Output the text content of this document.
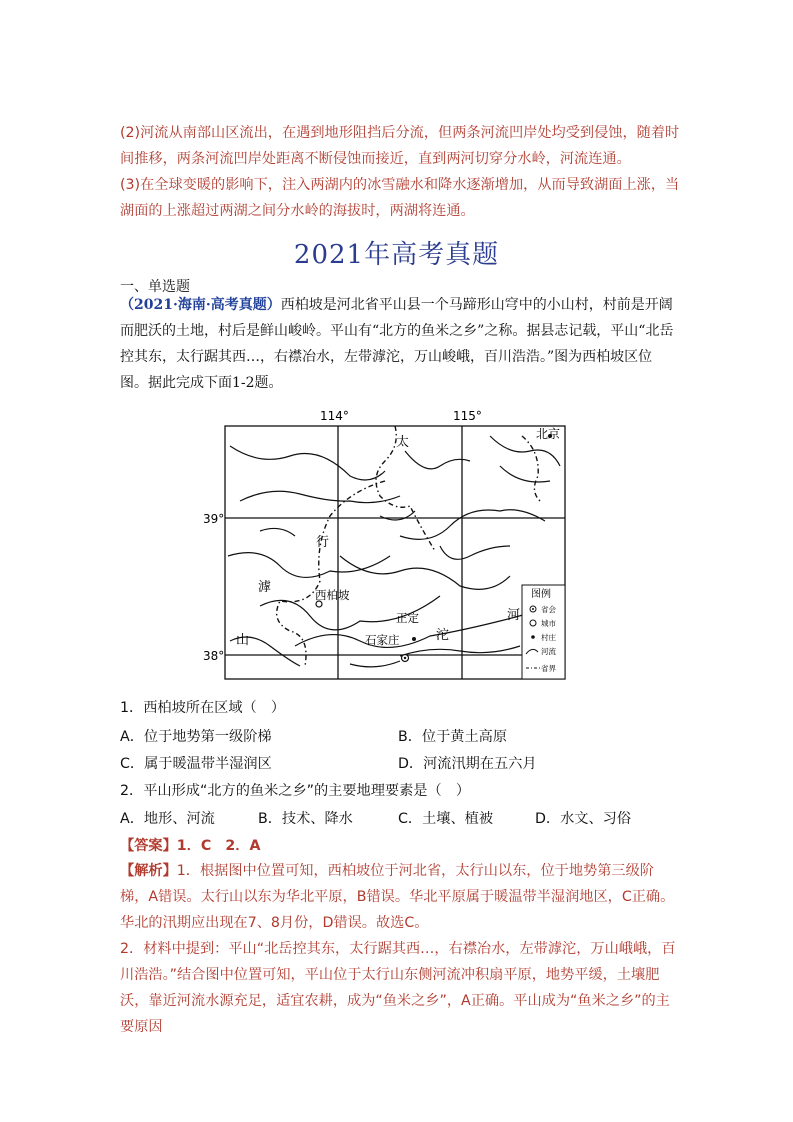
(2)河流从南部山区流出，在遇到地形阻挡后分流，但两条河流凹岸处均受到侵蚀，随着时间推移，两条河流凹岸处距离不断侵蚀而接近，直到两河切穿分水岭，河流连通。
(3)在全球变暖的影响下，注入两湖内的冰雪融水和降水逐渐增加，从而导致湖面上涨，当湖面的上涨超过两湖之间分水岭的海拔时，两湖将连通。
2021年高考真题
一、单选题
（2021·海南·高考真题）西柏坡是河北省平山县一个马蹄形山穹中的小山村，村前是开阔而肥沃的土地，村后是鲜山峻岭。平山有“北方的鱼米之乡”之称。据县志记载，平山“北岳控其东，太行踞其西…，右襟冶水，左带滹沱，万山峻峨，百川浩浩。”图为西柏坡区位图。据此完成下面1-2题。
114°	115°
39°
38°
北京
太
行
山
滹
沱
河
西柏坡
正定
石家庄
图例
省会
城市
村庄
河流
省界
1．西柏坡所在区域（　）
A．位于地势第一级阶梯	B．位于黄土高原
C．属于暖温带半湿润区	D．河流汛期在五六月
2．平山形成“北方的鱼米之乡”的主要地理要素是（　）
A．地形、河流	B．技术、降水	C．土壤、植被	D．水文、习俗
【答案】1．C　2．A
【解析】1．根据图中位置可知，西柏坡位于河北省，太行山以东，位于地势第三级阶梯，A错误。太行山以东为华北平原，B错误。华北平原属于暖温带半湿润地区，C正确。华北的汛期应出现在7、8月份，D错误。故选C。
2．材料中提到：平山“北岳控其东，太行踞其西…，右襟冶水，左带滹沱，万山峨峨，百川浩浩。”结合图中位置可知，平山位于太行山东侧河流冲积扇平原，地势平缓，土壤肥沃，靠近河流水源充足，适宜农耕，成为“鱼米之乡”，A正确。平山成为“鱼米之乡”的主要原因
